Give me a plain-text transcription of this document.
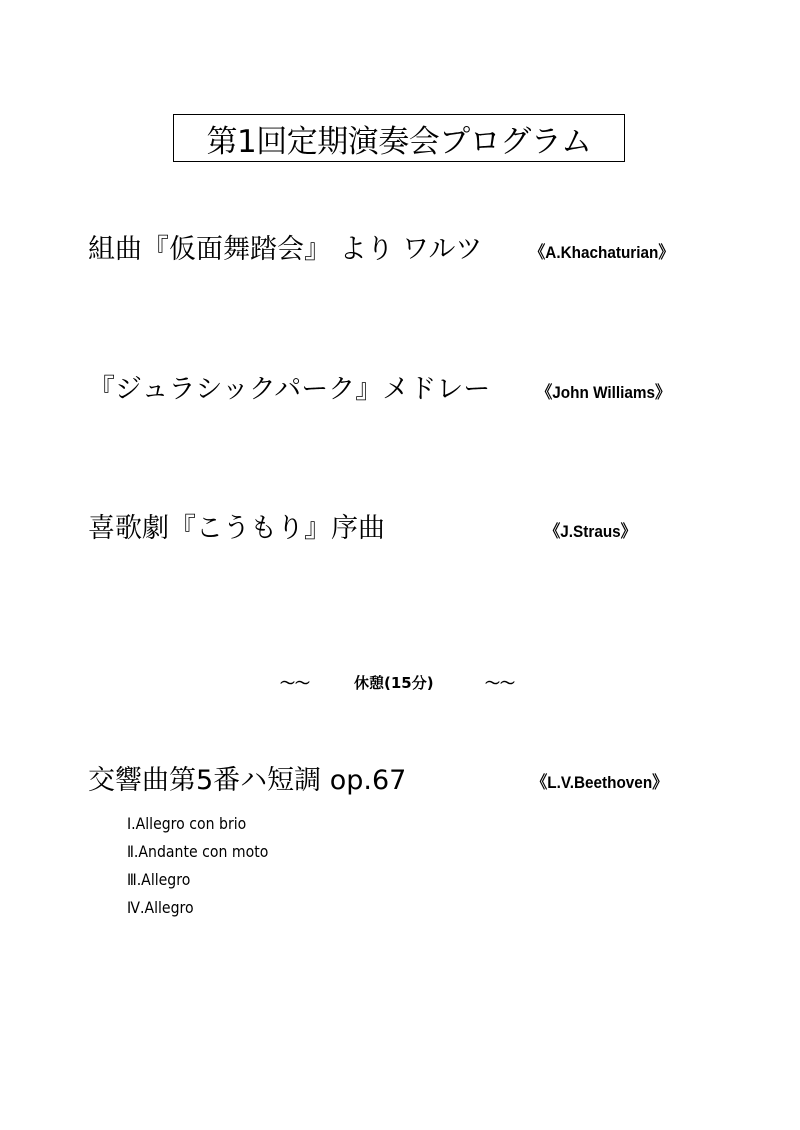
第1回定期演奏会プログラム
組曲『仮面舞踏会』 より ワルツ	《A.Khachaturian》
『ジュラシックパーク』メドレー	《John Williams》
喜歌劇『こうもり』序曲	《J.Straus》
～～	休憩(15分)	～～
交響曲第5番ハ短調 op.67	《L.V.Beethoven》
Ⅰ.Allegro con brio
Ⅱ.Andante con moto
Ⅲ.Allegro
Ⅳ.Allegro
